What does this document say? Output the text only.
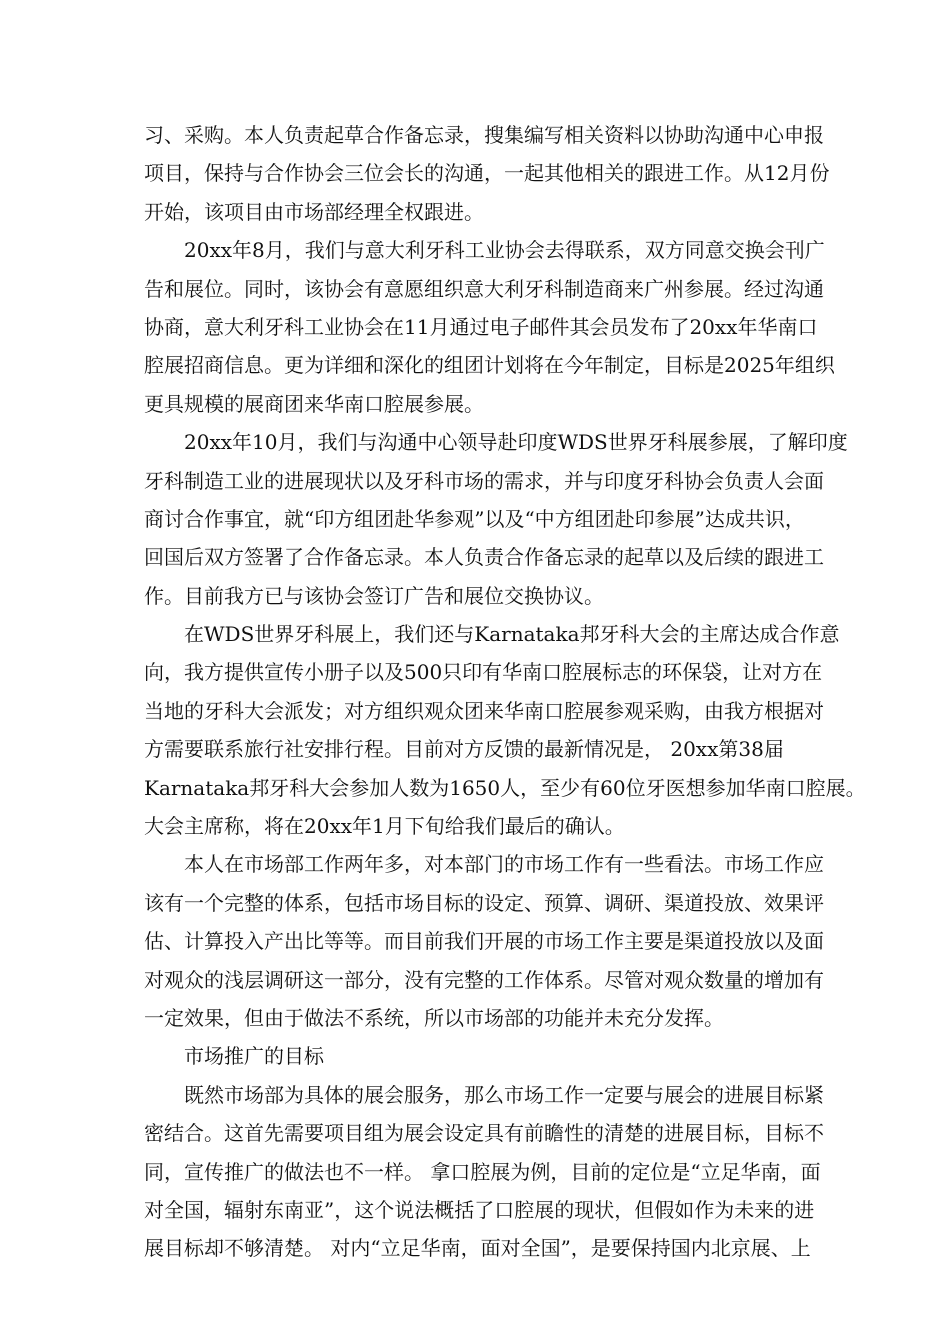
习、采购。本人负责起草合作备忘录，搜集编写相关资料以协助沟通中心申报
项目，保持与合作协会三位会长的沟通，一起其他相关的跟进工作。从12月份
开始，该项目由市场部经理全权跟进。
20xx年8月，我们与意大利牙科工业协会去得联系，双方同意交换会刊广
告和展位。同时，该协会有意愿组织意大利牙科制造商来广州参展。经过沟通
协商，意大利牙科工业协会在11月通过电子邮件其会员发布了20xx年华南口
腔展招商信息。更为详细和深化的组团计划将在今年制定，目标是2025年组织
更具规模的展商团来华南口腔展参展。
20xx年10月，我们与沟通中心领导赴印度WDS世界牙科展参展，了解印度
牙科制造工业的进展现状以及牙科市场的需求，并与印度牙科协会负责人会面
商讨合作事宜，就“印方组团赴华参观”以及“中方组团赴印参展”达成共识，
回国后双方签署了合作备忘录。本人负责合作备忘录的起草以及后续的跟进工
作。目前我方已与该协会签订广告和展位交换协议。
在WDS世界牙科展上，我们还与Karnataka邦牙科大会的主席达成合作意
向，我方提供宣传小册子以及500只印有华南口腔展标志的环保袋，让对方在
当地的牙科大会派发；对方组织观众团来华南口腔展参观采购，由我方根据对
方需要联系旅行社安排行程。目前对方反馈的最新情况是， 20xx第38届
Karnataka邦牙科大会参加人数为1650人，至少有60位牙医想参加华南口腔展。
大会主席称，将在20xx年1月下旬给我们最后的确认。
本人在市场部工作两年多，对本部门的市场工作有一些看法。市场工作应
该有一个完整的体系，包括市场目标的设定、预算、调研、渠道投放、效果评
估、计算投入产出比等等。而目前我们开展的市场工作主要是渠道投放以及面
对观众的浅层调研这一部分，没有完整的工作体系。尽管对观众数量的增加有
一定效果，但由于做法不系统，所以市场部的功能并未充分发挥。
市场推广的目标
既然市场部为具体的展会服务，那么市场工作一定要与展会的进展目标紧
密结合。这首先需要项目组为展会设定具有前瞻性的清楚的进展目标，目标不
同，宣传推广的做法也不一样。 拿口腔展为例，目前的定位是“立足华南，面
对全国，辐射东南亚”，这个说法概括了口腔展的现状，但假如作为未来的进
展目标却不够清楚。 对内“立足华南，面对全国”，是要保持国内北京展、上
